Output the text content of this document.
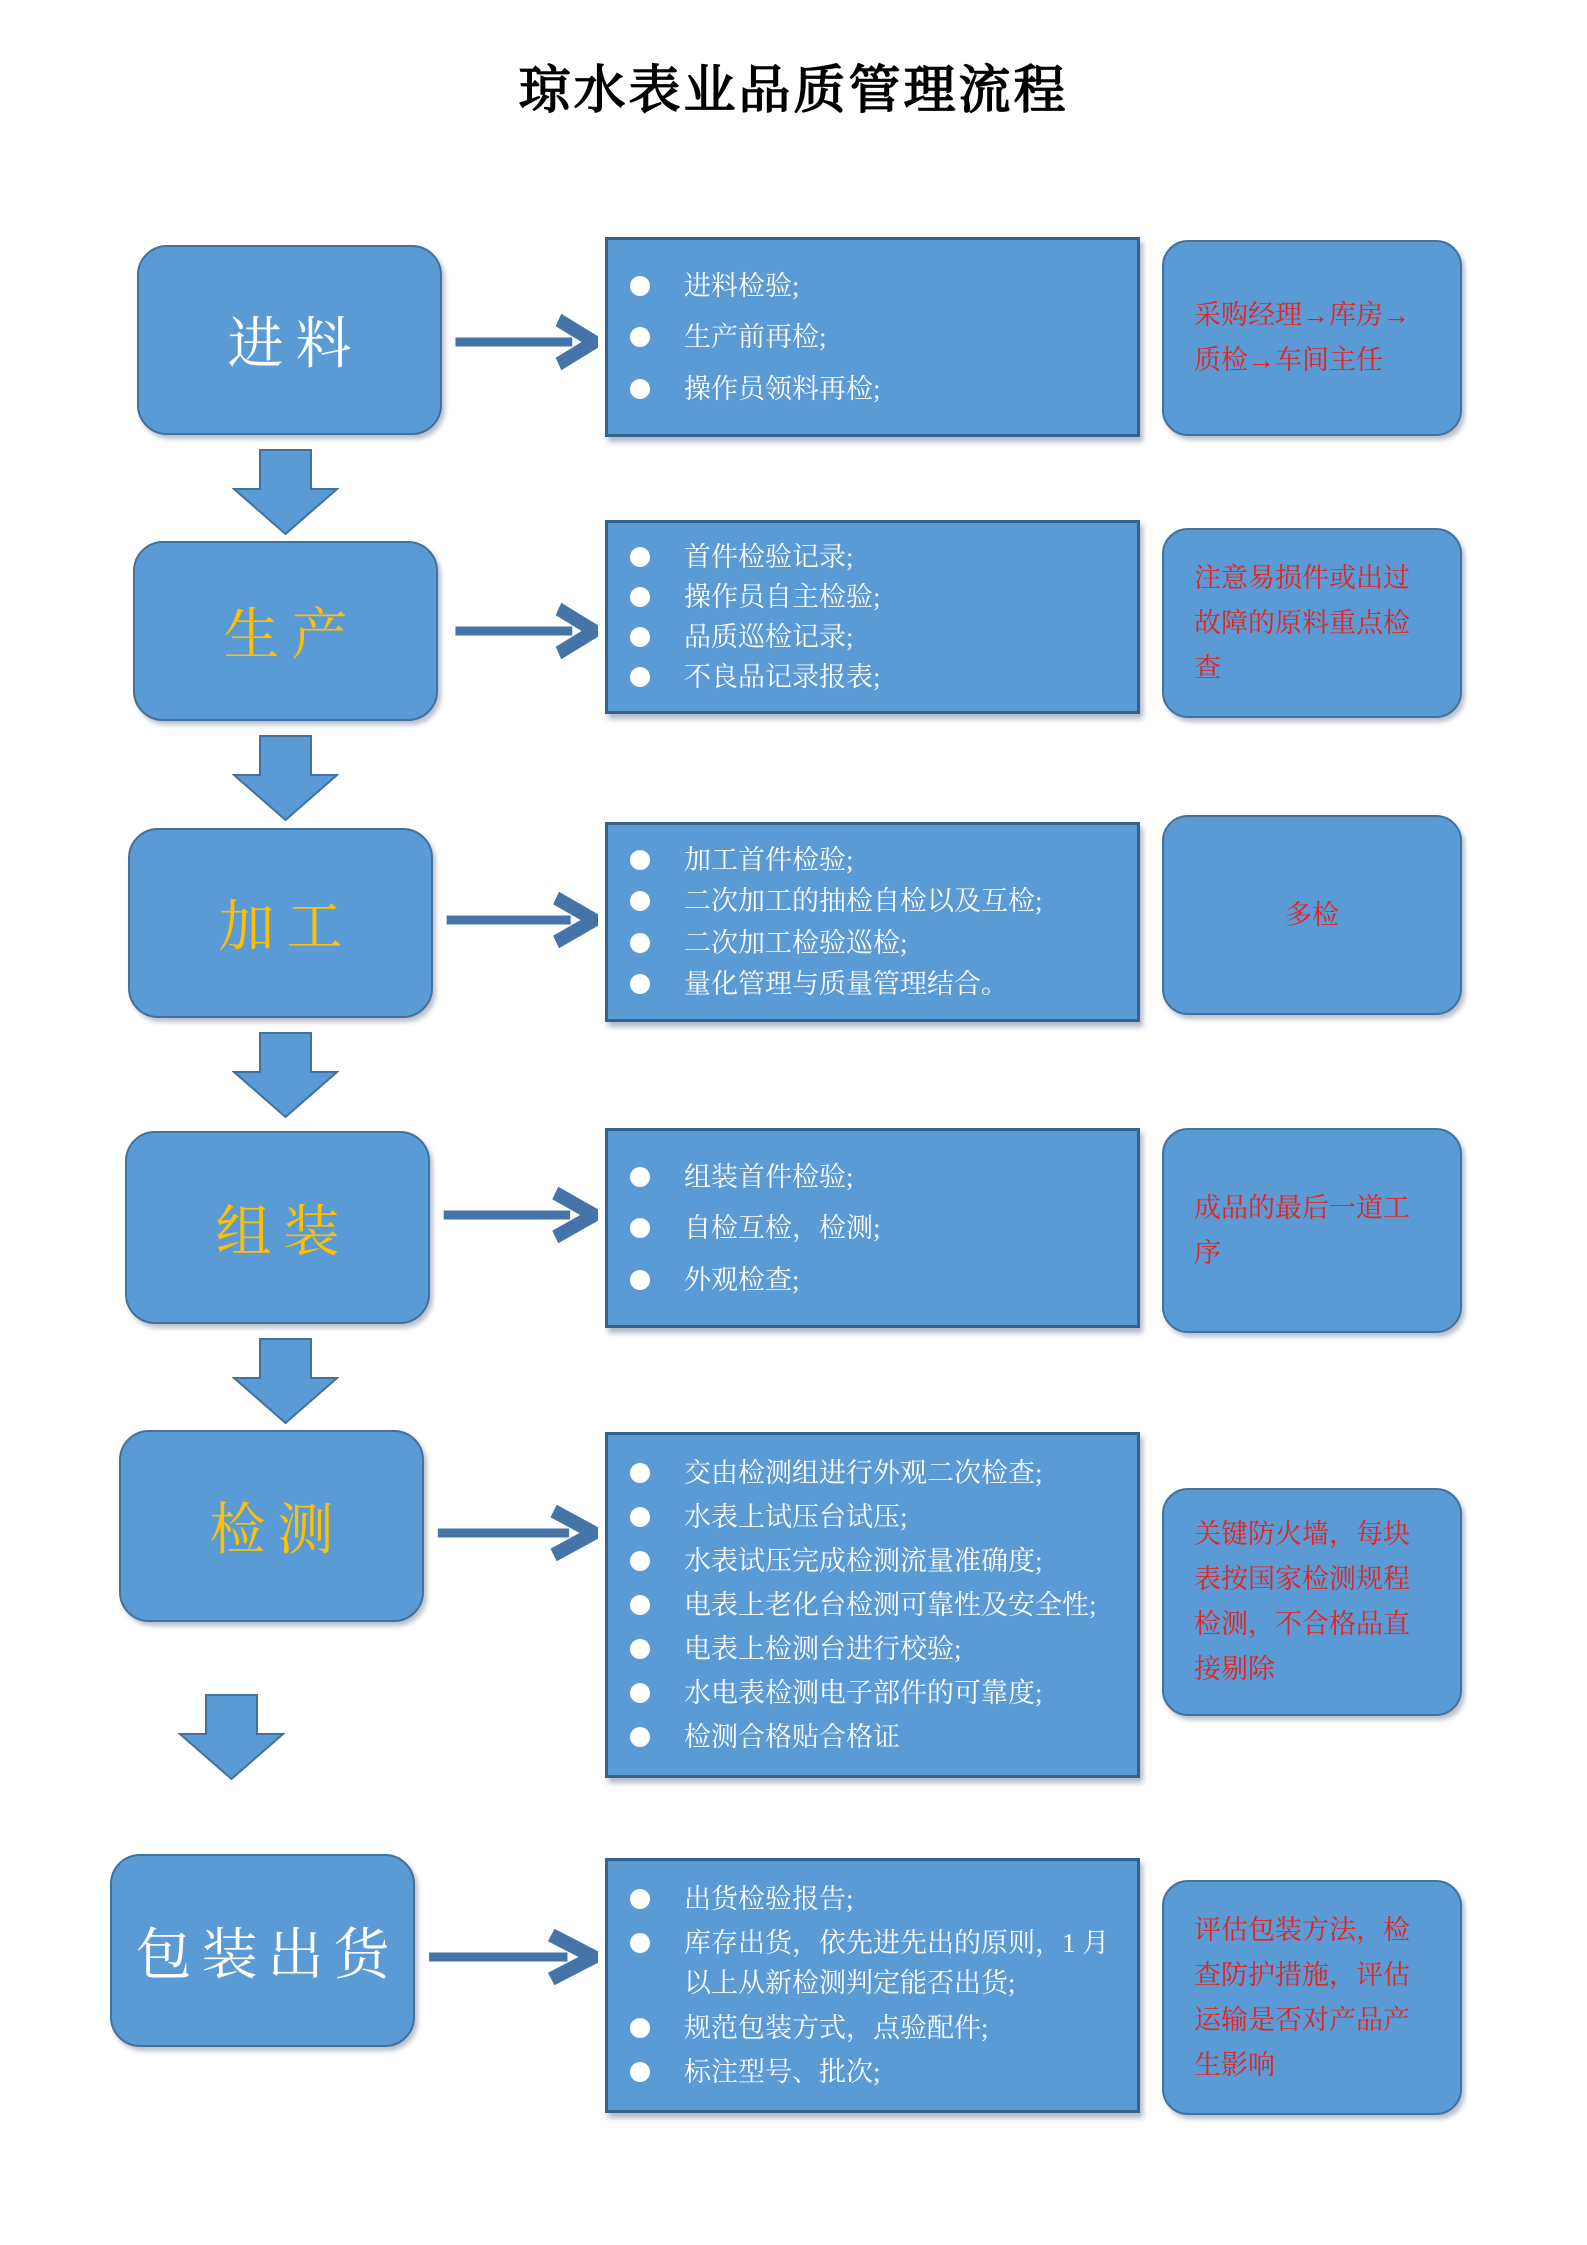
琼水表业品质管理流程
进料
进料检验;
生产前再检;
操作员领料再检;

采购经理→库房→质检→车间主任

生产
首件检验记录;
操作员自主检验;
品质巡检记录;
不良品记录报表;

注意易损件或出过故障的原料重点检查

加工
加工首件检验;
二次加工的抽检自检以及互检;
二次加工检验巡检;
量化管理与质量管理结合。

多检

组装
组装首件检验;
自检互检，检测;
外观检查;

成品的最后一道工序

检测
交由检测组进行外观二次检查;
水表上试压台试压;
水表试压完成检测流量准确度;
电表上老化台检测可靠性及安全性;
电表上检测台进行校验;
水电表检测电子部件的可靠度;
检测合格贴合格证

关键防火墙，每块表按国家检测规程检测，不合格品直接剔除

包装出货
出货检验报告;
库存出货，依先进先出的原则，1 月以上从新检测判定能否出货;
规范包装方式，点验配件;
标注型号、批次;

评估包装方法，检查防护措施，评估运输是否对产品产生影响
